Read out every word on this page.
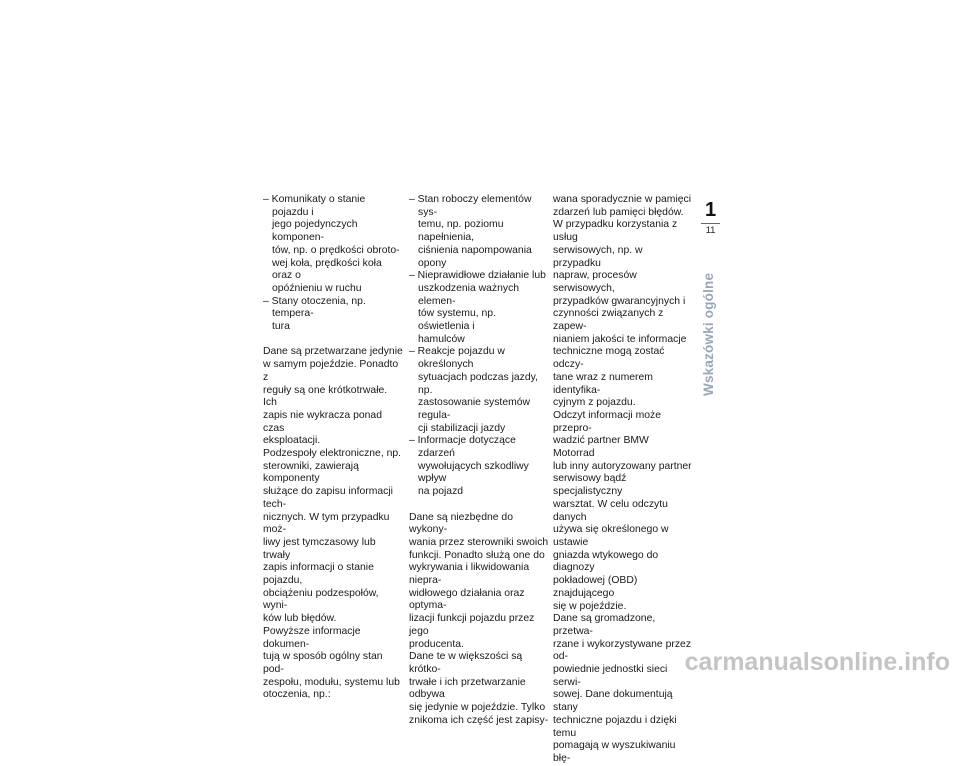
– Komunikaty o stanie pojazdu i
jego pojedynczych komponen-
tów, np. o prędkości obroto-
wej koła, prędkości koła oraz o
opóźnieniu w ruchu

– Stany otoczenia, np. tempera-
tura

Dane są przetwarzane jedynie
w samym pojeździe. Ponadto z
reguły są one krótkotrwałe. Ich
zapis nie wykracza ponad czas
eksploatacji.
Podzespoły elektroniczne, np.
sterowniki, zawierają komponenty
służące do zapisu informacji tech-
nicznych. W tym przypadku moż-
liwy jest tymczasowy lub trwały
zapis informacji o stanie pojazdu,
obciążeniu podzespołów, wyni-
ków lub błędów.
Powyższe informacje dokumen-
tują w sposób ogólny stan pod-
zespołu, modułu, systemu lub
otoczenia, np.:

– Stan roboczy elementów sys-
temu, np. poziomu napełnienia,
ciśnienia napompowania opony

– Nieprawidłowe działanie lub
uszkodzenia ważnych elemen-
tów systemu, np. oświetlenia i
hamulców

– Reakcje pojazdu w określonych
sytuacjach podczas jazdy, np.
zastosowanie systemów regula-
cji stabilizacji jazdy

– Informacje dotyczące zdarzeń
wywołujących szkodliwy wpływ
na pojazd

Dane są niezbędne do wykony-
wania przez sterowniki swoich
funkcji. Ponadto służą one do
wykrywania i likwidowania niepra-
widłowego działania oraz optyma-
lizacji funkcji pojazdu przez jego
producenta.
Dane te w większości są krótko-
trwałe i ich przetwarzanie odbywa
się jedynie w pojeździe. Tylko
znikoma ich część jest zapisy-
wana sporadycznie w pamięci
zdarzeń lub pamięci błędów.
W przypadku korzystania z usług
serwisowych, np. w przypadku
napraw, procesów serwisowych,
przypadków gwarancyjnych i
czynności związanych z zapew-
nianiem jakości te informacje
techniczne mogą zostać odczy-
tane wraz z numerem identyfika-
cyjnym z pojazdu.
Odczyt informacji może przepro-
wadzić partner BMW Motorrad
lub inny autoryzowany partner
serwisowy bądź specjalistyczny
warsztat. W celu odczytu danych
używa się określonego w ustawie
gniazda wtykowego do diagnozy
pokładowej (OBD) znajdującego
się w pojeździe.
Dane są gromadzone, przetwa-
rzane i wykorzystywane przez od-
powiednie jednostki sieci serwi-
sowej. Dane dokumentują stany
techniczne pojazdu i dzięki temu
pomagają w wyszukiwaniu błę-
1
11
Wskazówki ogólne
carmanualsonline.info
